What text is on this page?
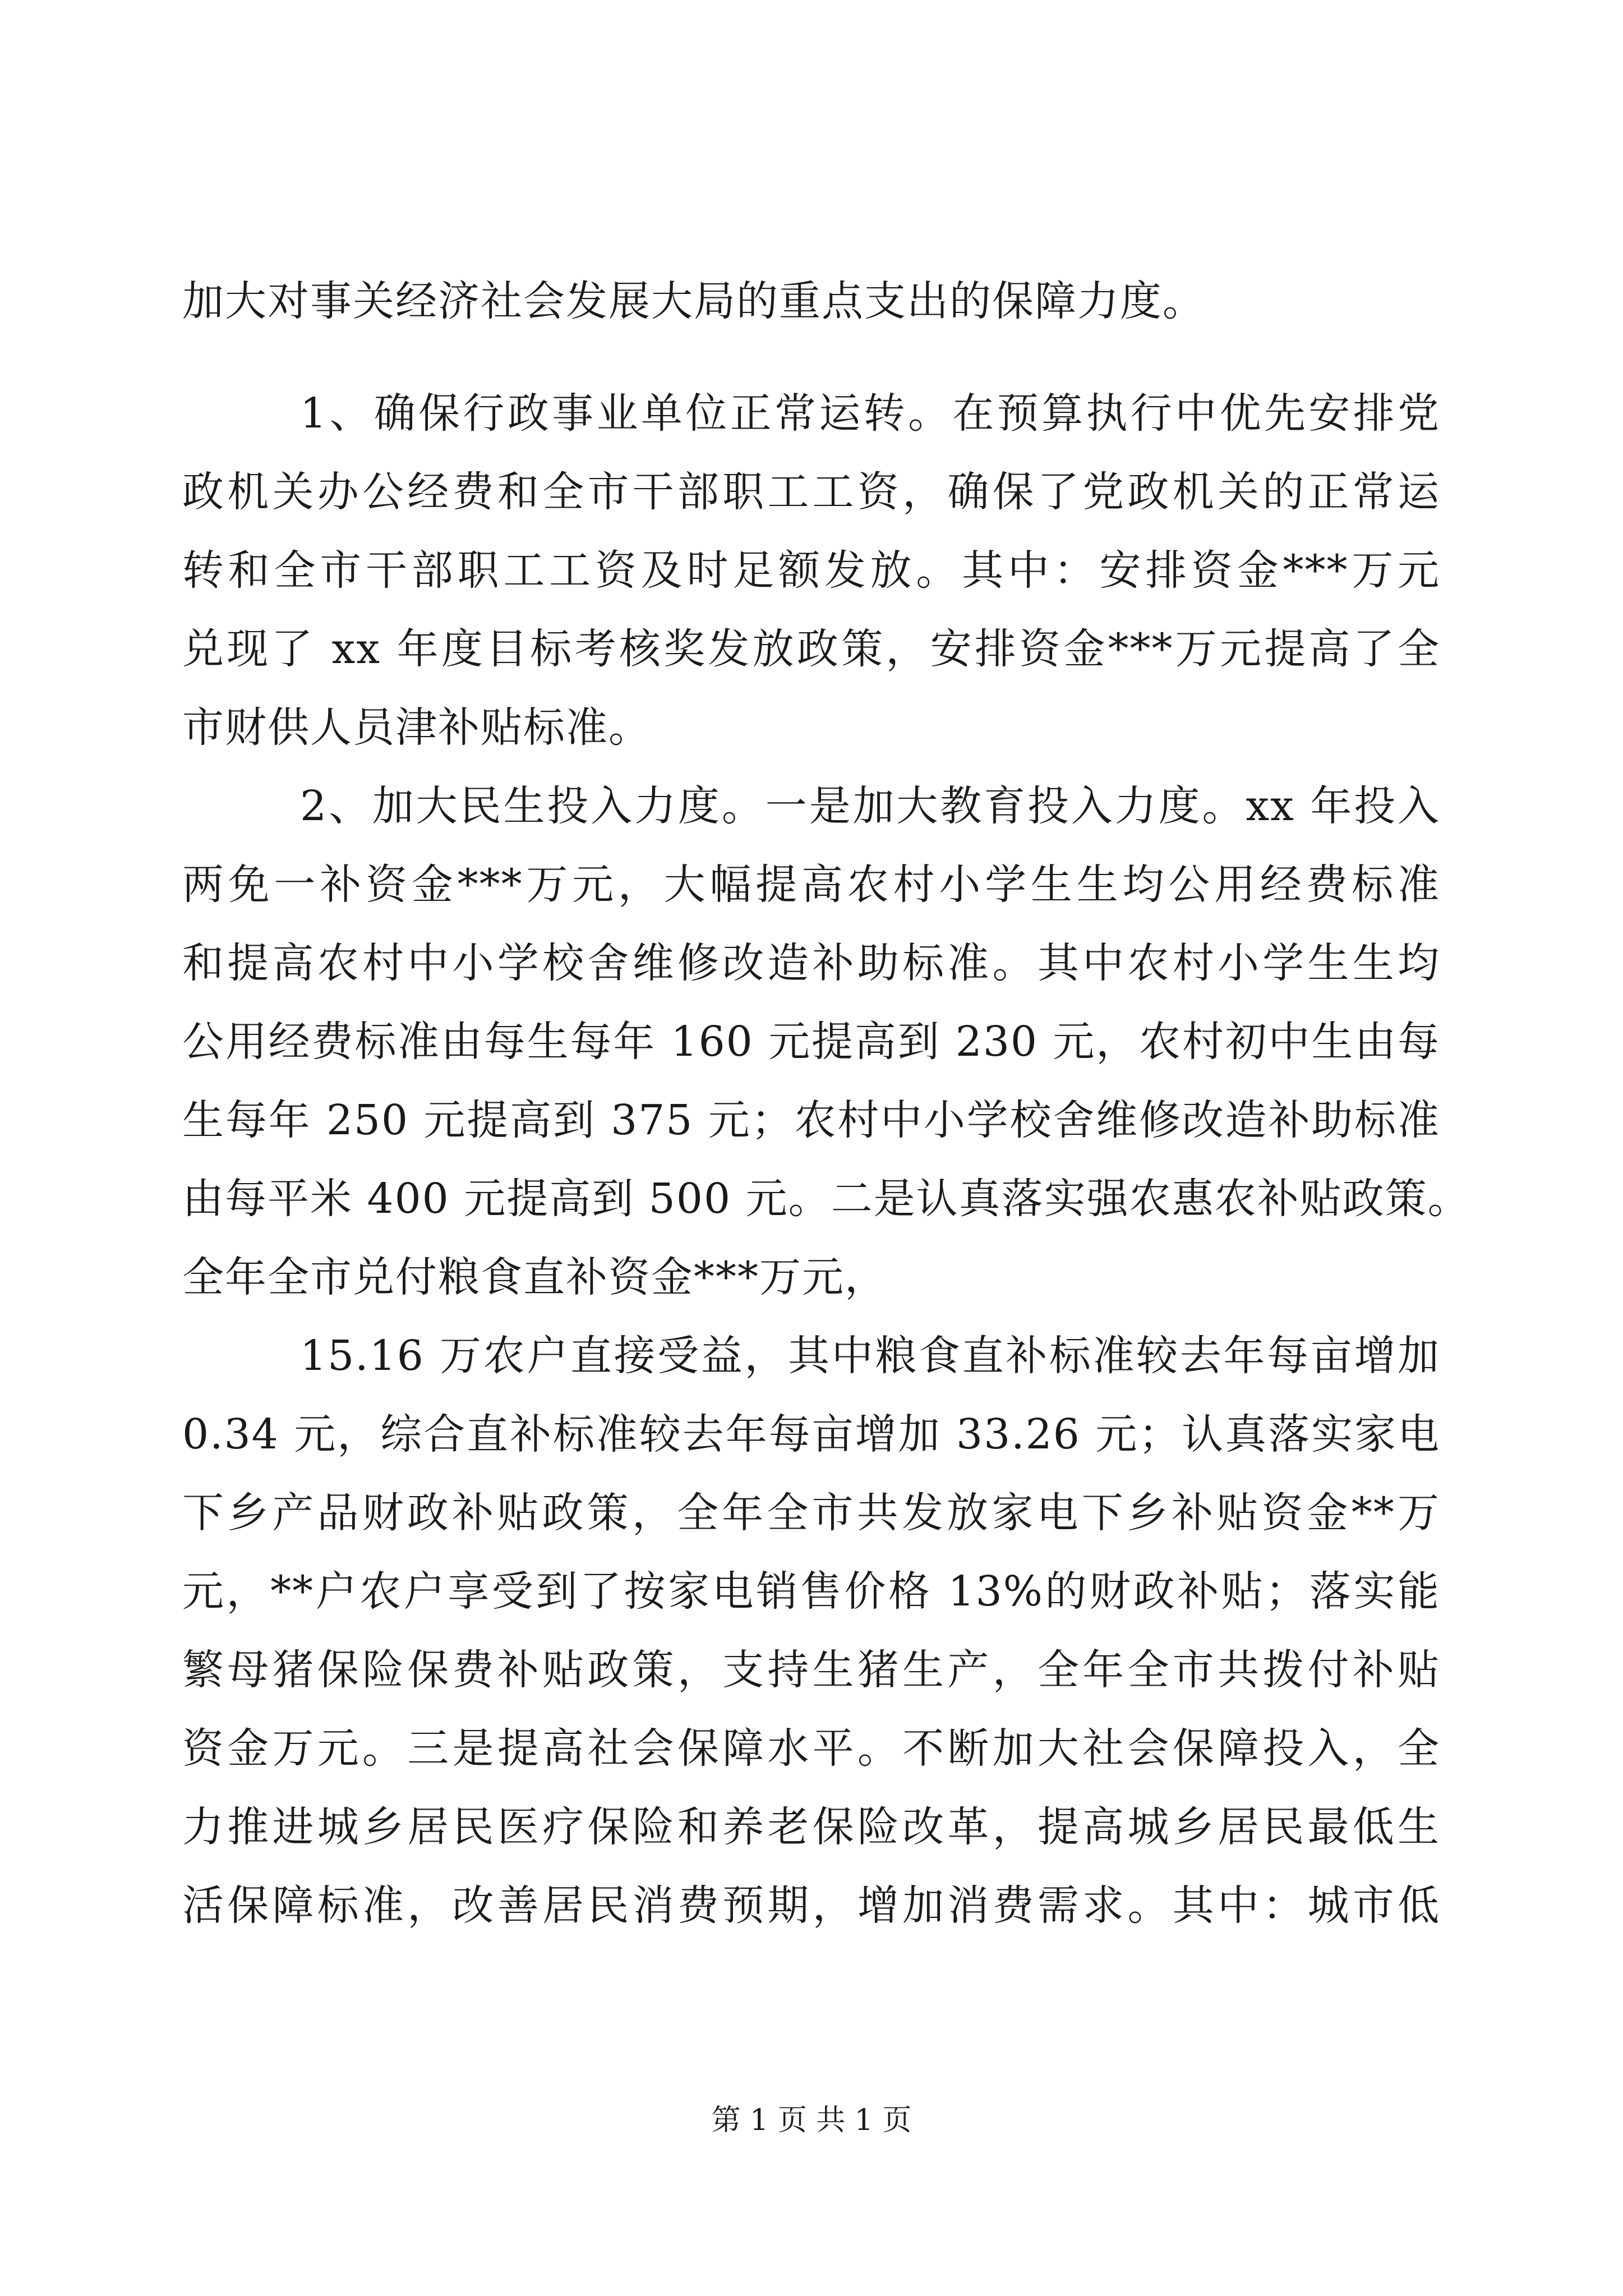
加大对事关经济社会发展大局的重点支出的保障力度。
1、确保行政事业单位正常运转。在预算执行中优先安排党
政机关办公经费和全市干部职工工资，确保了党政机关的正常运
转和全市干部职工工资及时足额发放。其中：安排资金***万元
兑现了 xx 年度目标考核奖发放政策，安排资金***万元提高了全
市财供人员津补贴标准。
2、加大民生投入力度。一是加大教育投入力度。xx 年投入
两免一补资金***万元，大幅提高农村小学生生均公用经费标准
和提高农村中小学校舍维修改造补助标准。其中农村小学生生均
公用经费标准由每生每年 160 元提高到 230 元，农村初中生由每
生每年 250 元提高到 375 元；农村中小学校舍维修改造补助标准
由每平米 400 元提高到 500 元。二是认真落实强农惠农补贴政策。
全年全市兑付粮食直补资金***万元，
15.16 万农户直接受益，其中粮食直补标准较去年每亩增加
0.34 元，综合直补标准较去年每亩增加 33.26 元；认真落实家电
下乡产品财政补贴政策，全年全市共发放家电下乡补贴资金**万
元，**户农户享受到了按家电销售价格 13%的财政补贴；落实能
繁母猪保险保费补贴政策，支持生猪生产，全年全市共拨付补贴
资金万元。三是提高社会保障水平。不断加大社会保障投入，全
力推进城乡居民医疗保险和养老保险改革，提高城乡居民最低生
活保障标准，改善居民消费预期，增加消费需求。其中：城市低
第 1 页 共 1 页
